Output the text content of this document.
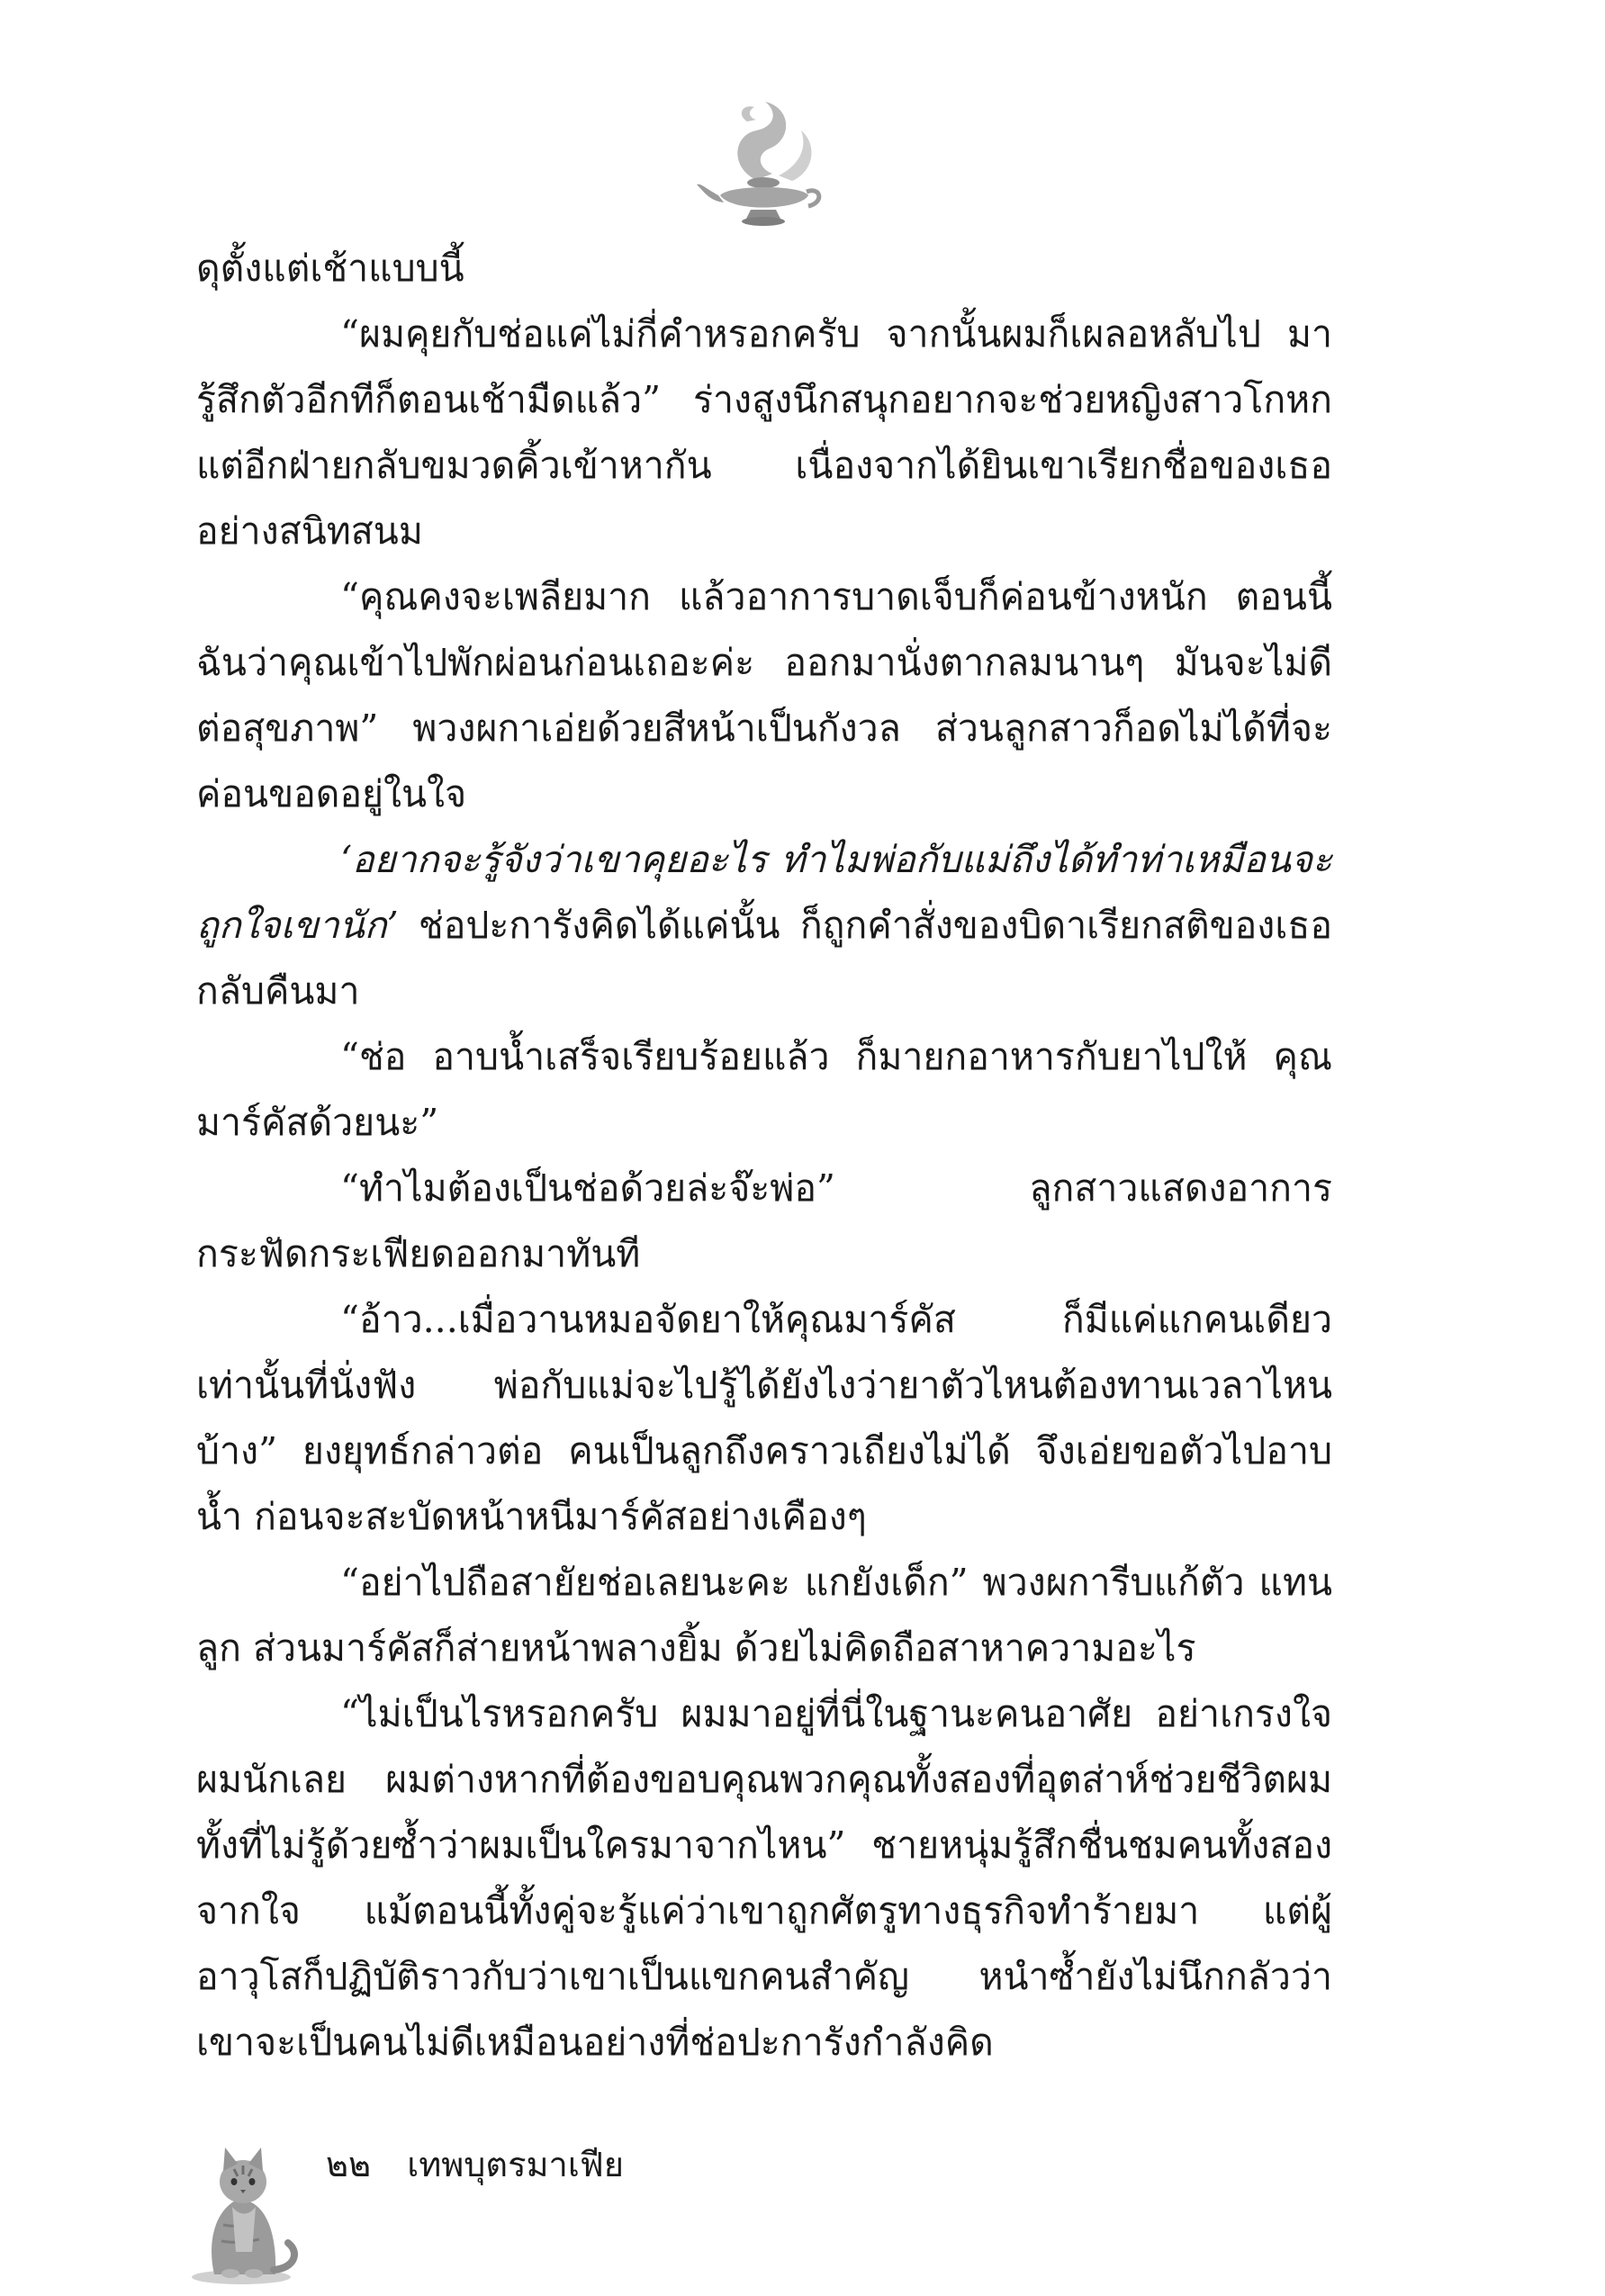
ดุตั้งแต่เช้าแบบนี้

“ผมคุยกับช่อแค่ไม่กี่คำหรอกครับ จากนั้นผมก็เผลอหลับไป มารู้สึกตัวอีกทีก็ตอนเช้ามืดแล้ว” ร่างสูงนึกสนุกอยากจะช่วยหญิงสาวโกหก แต่อีกฝ่ายกลับขมวดคิ้วเข้าหากัน เนื่องจากได้ยินเขาเรียกชื่อของเธออย่างสนิทสนม

“คุณคงจะเพลียมาก แล้วอาการบาดเจ็บก็ค่อนข้างหนัก ตอนนี้ ฉันว่าคุณเข้าไปพักผ่อนก่อนเถอะค่ะ ออกมานั่งตากลมนานๆ มันจะไม่ดีต่อสุขภาพ” พวงผกาเอ่ยด้วยสีหน้าเป็นกังวล ส่วนลูกสาวก็อดไม่ได้ที่จะค่อนขอดอยู่ในใจ

‘อยากจะรู้จังว่าเขาคุยอะไร ทำไมพ่อกับแม่ถึงได้ทำท่าเหมือนจะถูกใจเขานัก’ ช่อปะการังคิดได้แค่นั้น ก็ถูกคำสั่งของบิดาเรียกสติของเธอกลับคืนมา

“ช่อ อาบน้ำเสร็จเรียบร้อยแล้ว ก็มายกอาหารกับยาไปให้ คุณมาร์คัสด้วยนะ”

“ทำไมต้องเป็นช่อด้วยล่ะจ๊ะพ่อ” ลูกสาวแสดงอาการ กระฟัดกระเฟียดออกมาทันที

“อ้าว...เมื่อวานหมอจัดยาให้คุณมาร์คัส ก็มีแค่แกคนเดียว เท่านั้นที่นั่งฟัง พ่อกับแม่จะไปรู้ได้ยังไงว่ายาตัวไหนต้องทานเวลาไหนบ้าง” ยงยุทธ์กล่าวต่อ คนเป็นลูกถึงคราวเถียงไม่ได้ จึงเอ่ยขอตัวไปอาบน้ำ ก่อนจะสะบัดหน้าหนีมาร์คัสอย่างเคืองๆ

“อย่าไปถือสายัยช่อเลยนะคะ แกยังเด็ก” พวงผการีบแก้ตัว แทนลูก ส่วนมาร์คัสก็ส่ายหน้าพลางยิ้ม ด้วยไม่คิดถือสาหาความอะไร

“ไม่เป็นไรหรอกครับ ผมมาอยู่ที่นี่ในฐานะคนอาศัย อย่าเกรงใจผมนักเลย ผมต่างหากที่ต้องขอบคุณพวกคุณทั้งสองที่อุตส่าห์ช่วยชีวิตผม ทั้งที่ไม่รู้ด้วยซ้ำว่าผมเป็นใครมาจากไหน” ชายหนุ่มรู้สึกชื่นชมคนทั้งสองจากใจ แม้ตอนนี้ทั้งคู่จะรู้แค่ว่าเขาถูกศัตรูทางธุรกิจทำร้ายมา แต่ผู้อาวุโสก็ปฏิบัติราวกับว่าเขาเป็นแขกคนสำคัญ หนำซ้ำยังไม่นึกกลัวว่าเขาจะเป็นคนไม่ดีเหมือนอย่างที่ช่อปะการังกำลังคิด

๒๒ เทพบุตรมาเฟีย
